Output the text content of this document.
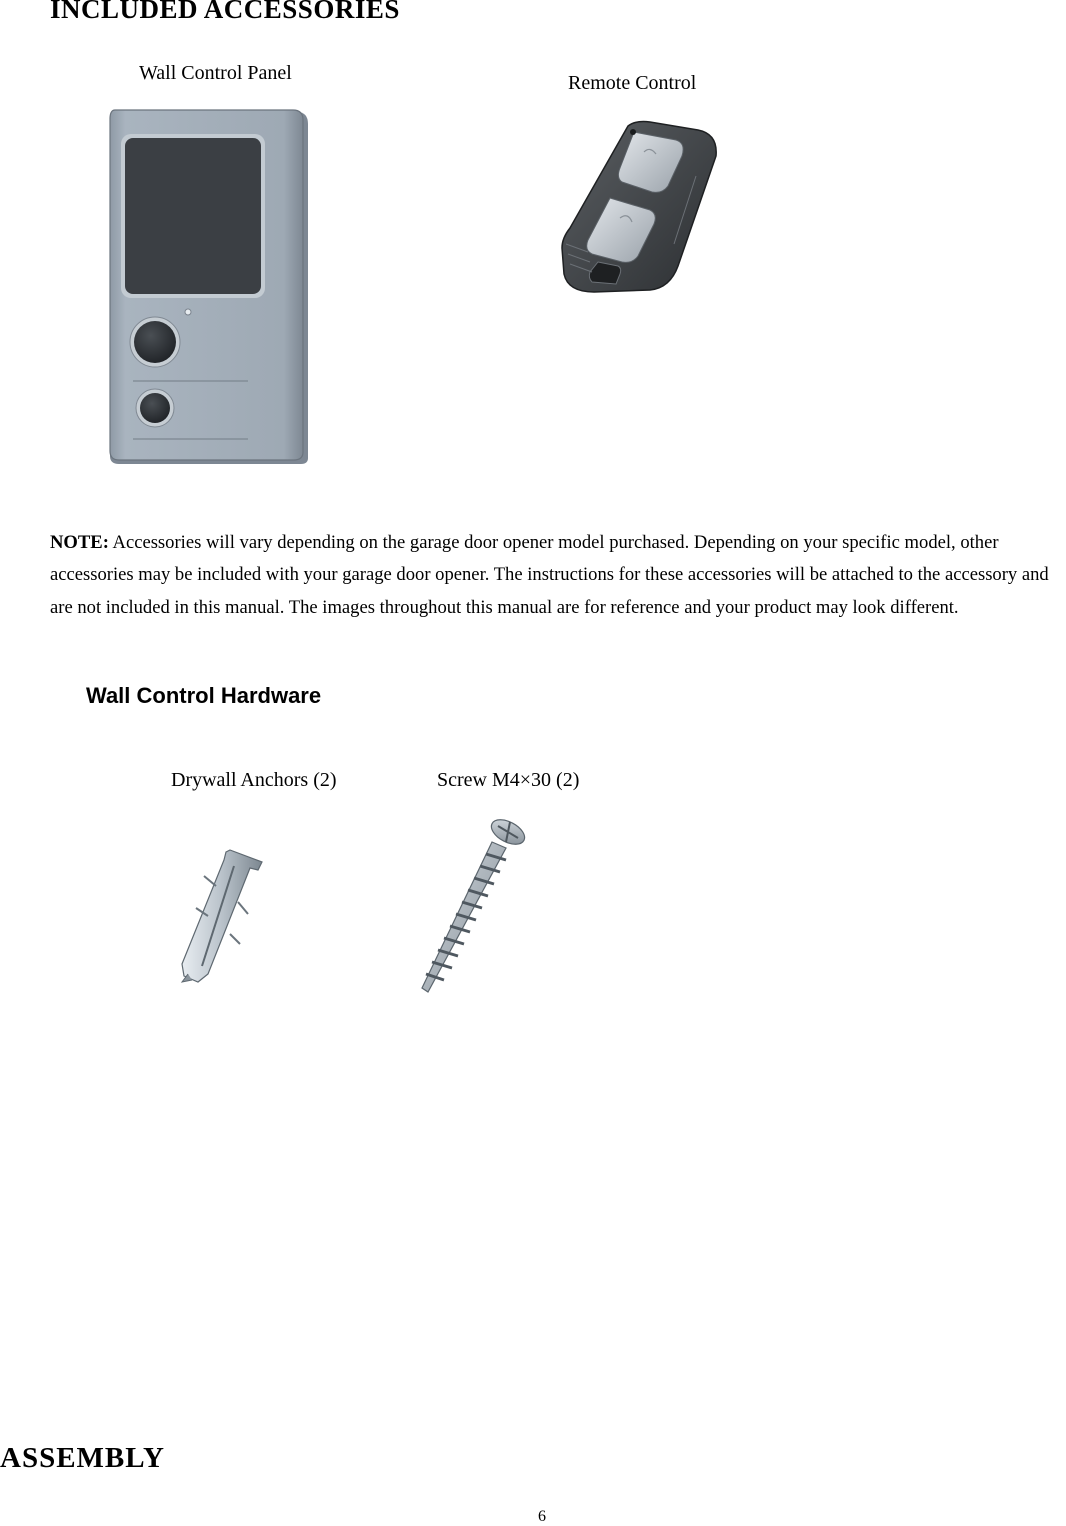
INCLUDED ACCESSORIES
Wall Control Panel	Remote Control

NOTE: Accessories will vary depending on the garage door opener model purchased. Depending on your specific model, other accessories may be included with your garage door opener. The instructions for these accessories will be attached to the accessory and are not included in this manual. The images throughout this manual are for reference and your product may look different.

Wall Control Hardware
Drywall Anchors (2)	Screw M4×30 (2)
ASSEMBLY
6
